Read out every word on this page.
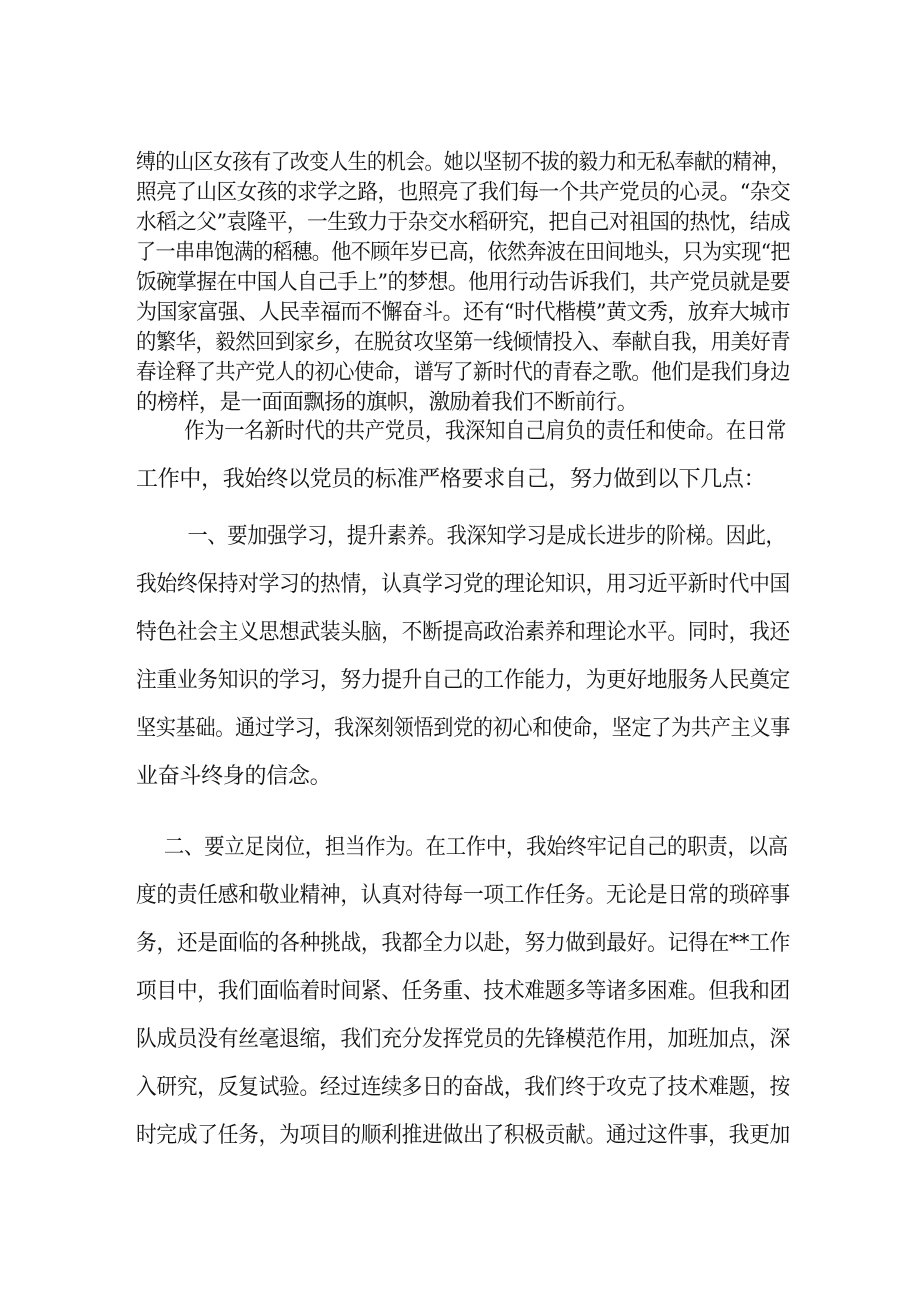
缚的山区女孩有了改变人生的机会。她以坚韧不拔的毅力和无私奉献的精神，
照亮了山区女孩的求学之路，也照亮了我们每一个共产党员的心灵。“杂交
水稻之父”袁隆平，一生致力于杂交水稻研究，把自己对祖国的热忱，结成
了一串串饱满的稻穗。他不顾年岁已高，依然奔波在田间地头，只为实现“把
饭碗掌握在中国人自己手上”的梦想。他用行动告诉我们，共产党员就是要
为国家富强、人民幸福而不懈奋斗。还有“时代楷模”黄文秀，放弃大城市
的繁华，毅然回到家乡，在脱贫攻坚第一线倾情投入、奉献自我，用美好青
春诠释了共产党人的初心使命，谱写了新时代的青春之歌。他们是我们身边
的榜样，是一面面飘扬的旗帜，激励着我们不断前行。
作为一名新时代的共产党员，我深知自己肩负的责任和使命。在日常
工作中，我始终以党员的标准严格要求自己，努力做到以下几点：
一、要加强学习，提升素养。我深知学习是成长进步的阶梯。因此，
我始终保持对学习的热情，认真学习党的理论知识，用习近平新时代中国
特色社会主义思想武装头脑，不断提高政治素养和理论水平。同时，我还
注重业务知识的学习，努力提升自己的工作能力，为更好地服务人民奠定
坚实基础。通过学习，我深刻领悟到党的初心和使命，坚定了为共产主义事
业奋斗终身的信念。
二、要立足岗位，担当作为。在工作中，我始终牢记自己的职责，以高
度的责任感和敬业精神，认真对待每一项工作任务。无论是日常的琐碎事
务，还是面临的各种挑战，我都全力以赴，努力做到最好。记得在**工作
项目中，我们面临着时间紧、任务重、技术难题多等诸多困难。但我和团
队成员没有丝毫退缩，我们充分发挥党员的先锋模范作用，加班加点，深
入研究，反复试验。经过连续多日的奋战，我们终于攻克了技术难题，按
时完成了任务，为项目的顺利推进做出了积极贡献。通过这件事，我更加
